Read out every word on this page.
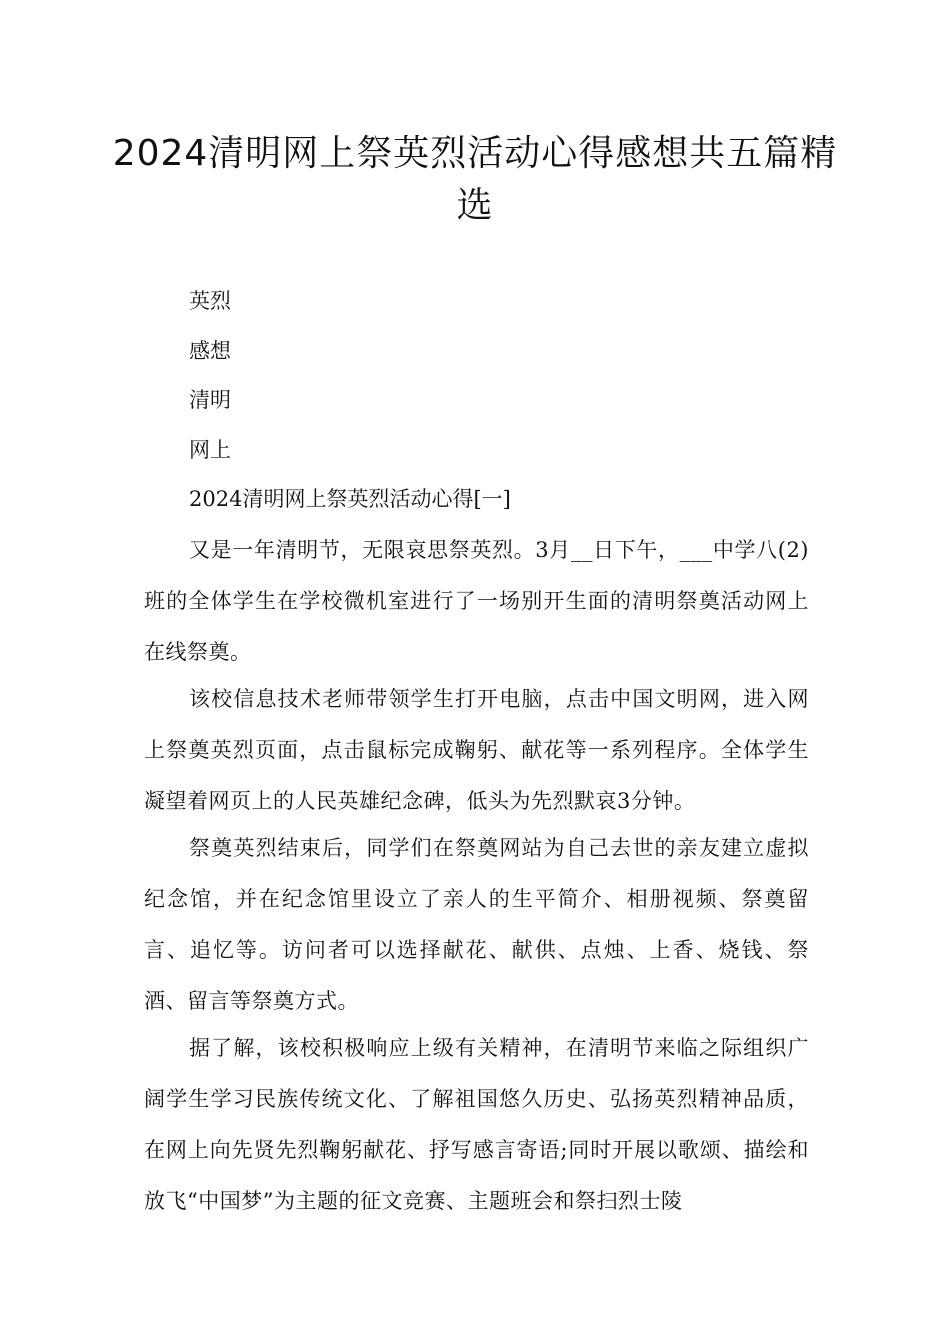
2024清明网上祭英烈活动心得感想共五篇精选

英烈

感想

清明

网上

2024清明网上祭英烈活动心得[一]

又是一年清明节，无限哀思祭英烈。3月__日下午，___中学八(2)班的全体学生在学校微机室进行了一场别开生面的清明祭奠活动网上在线祭奠。

该校信息技术老师带领学生打开电脑，点击中国文明网，进入网上祭奠英烈页面，点击鼠标完成鞠躬、献花等一系列程序。全体学生凝望着网页上的人民英雄纪念碑，低头为先烈默哀3分钟。

祭奠英烈结束后，同学们在祭奠网站为自己去世的亲友建立虚拟纪念馆，并在纪念馆里设立了亲人的生平简介、相册视频、祭奠留言、追忆等。访问者可以选择献花、献供、点烛、上香、烧钱、祭酒、留言等祭奠方式。

据了解，该校积极响应上级有关精神，在清明节来临之际组织广阔学生学习民族传统文化、了解祖国悠久历史、弘扬英烈精神品质，在网上向先贤先烈鞠躬献花、抒写感言寄语;同时开展以歌颂、描绘和放飞“中国梦”为主题的征文竞赛、主题班会和祭扫烈士陵
